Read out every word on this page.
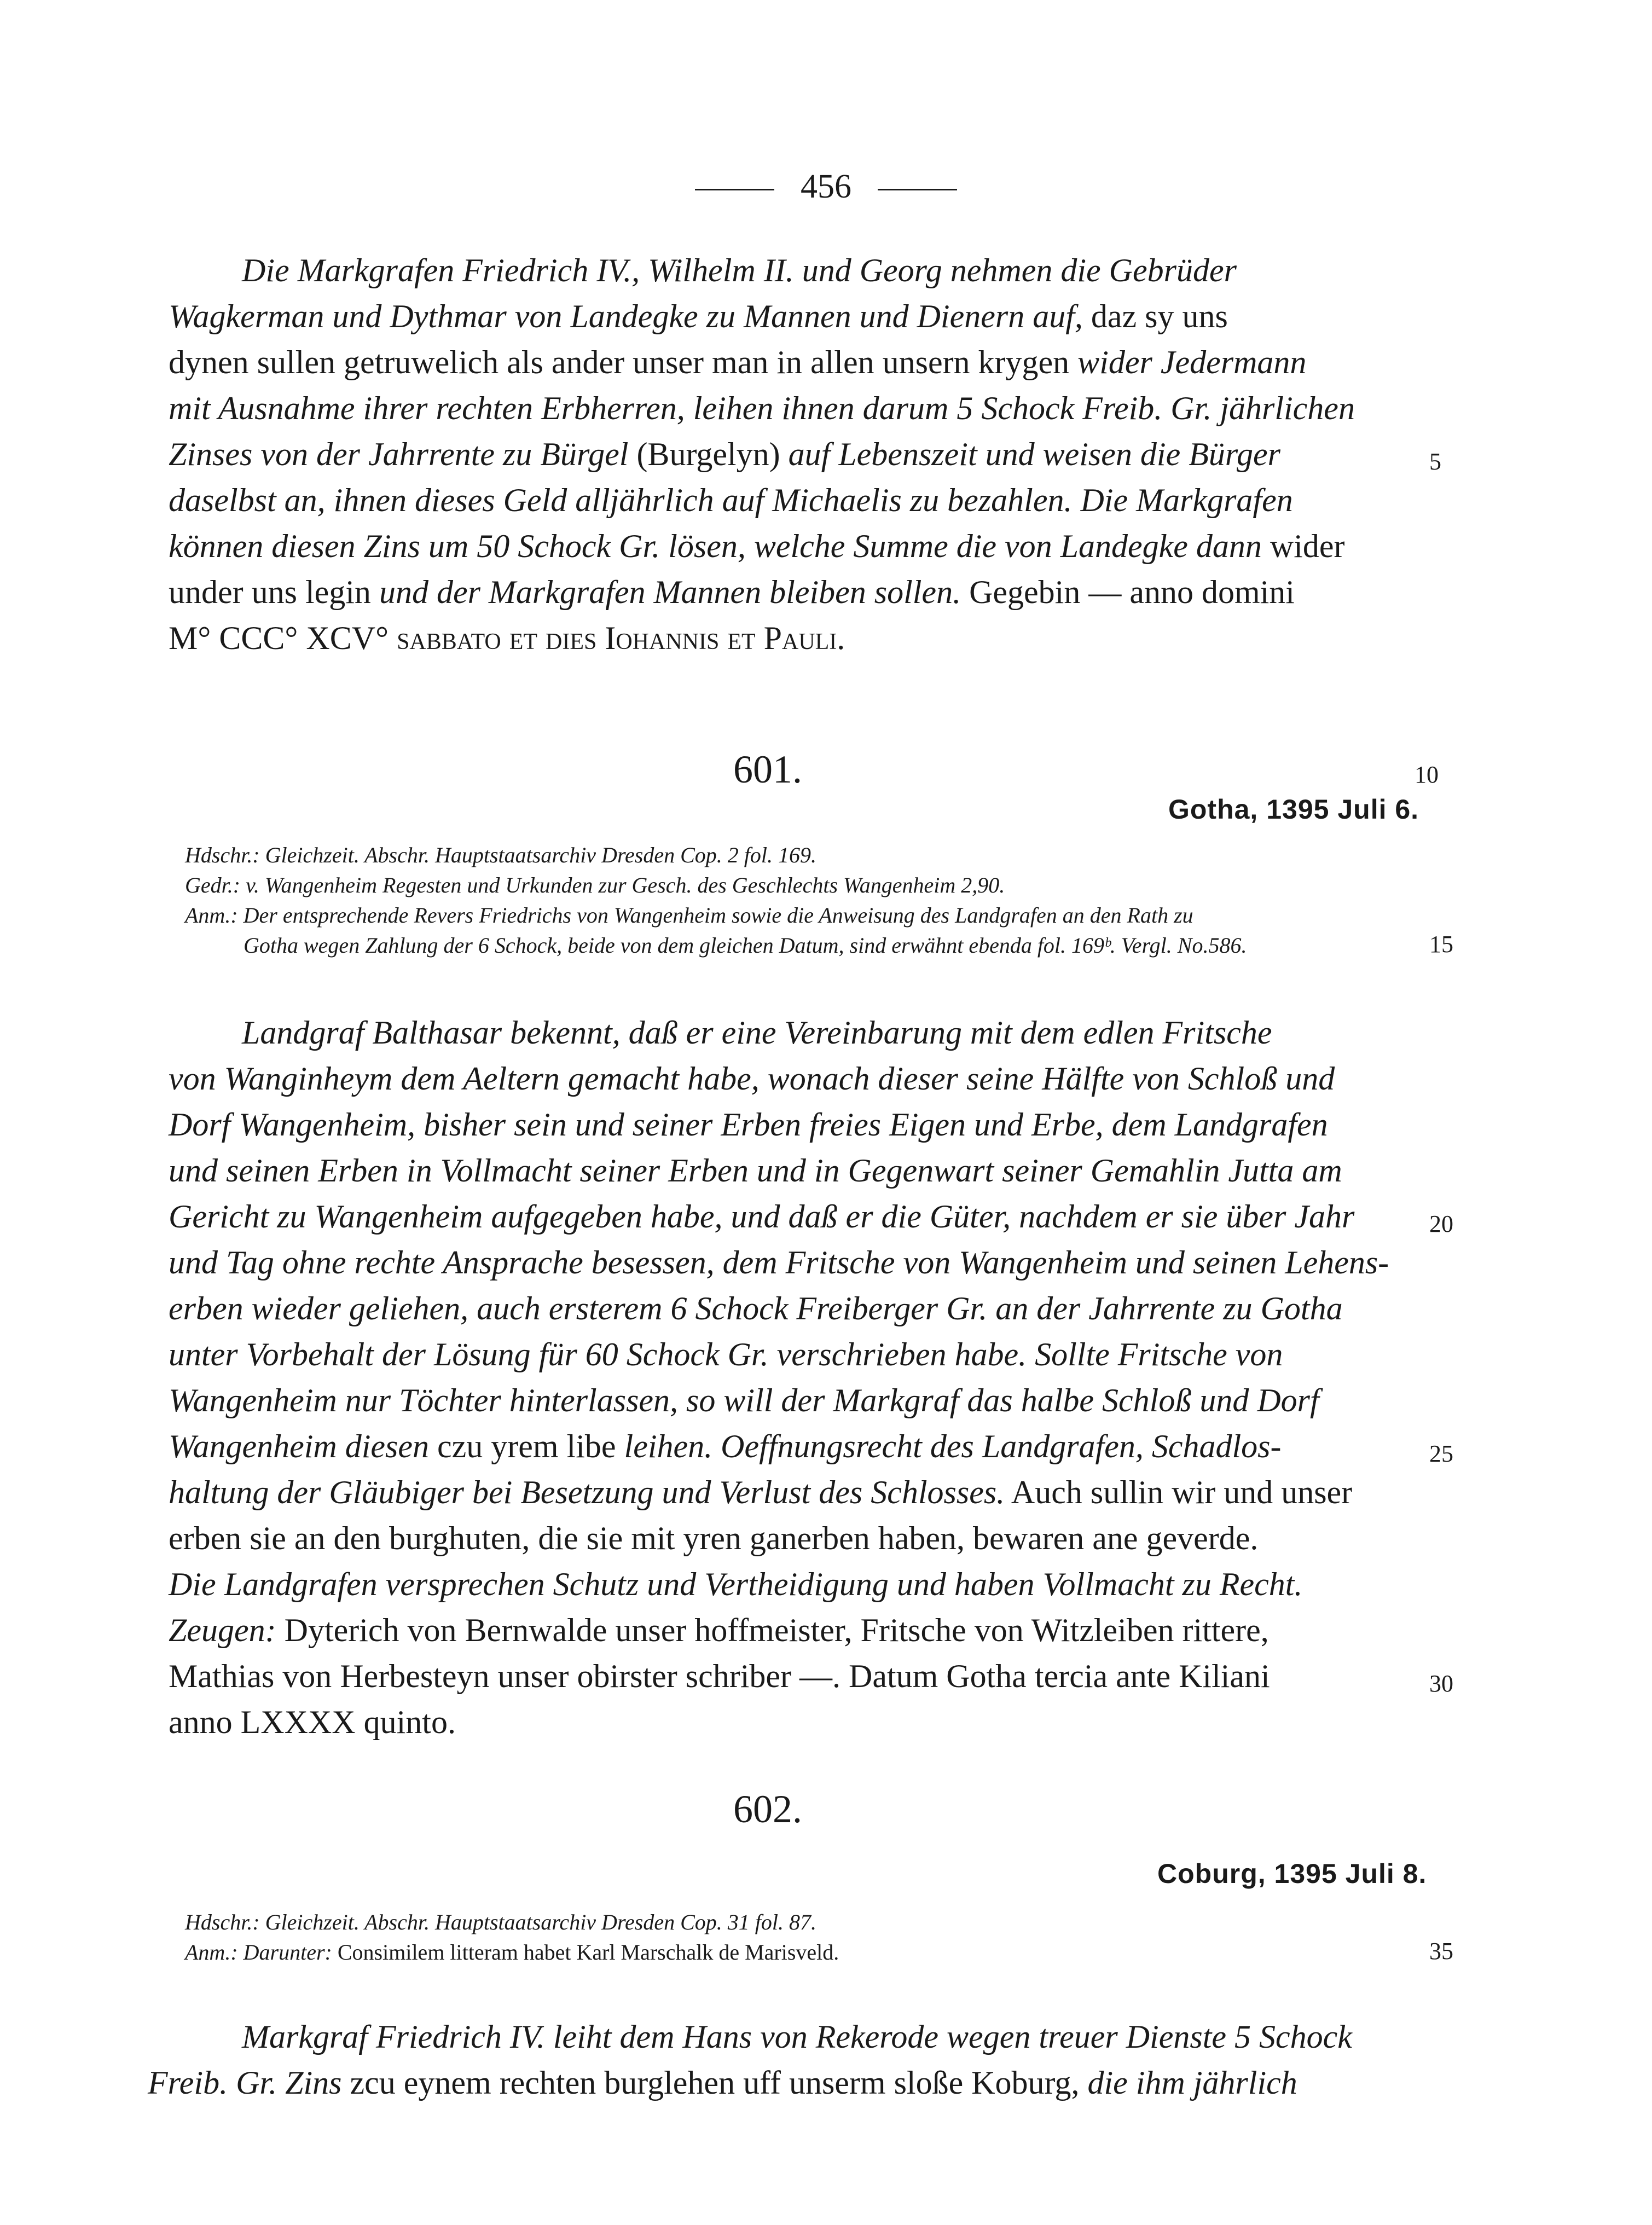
456
Die Markgrafen Friedrich IV., Wilhelm II. und Georg nehmen die Gebrüder
Wagkerman und Dythmar von Landegke zu Mannen und Dienern auf, daz sy uns
dynen sullen getruwelich als ander unser man in allen unsern krygen wider Jedermann
mit Ausnahme ihrer rechten Erbherren, leihen ihnen darum 5 Schock Freib. Gr. jährlichen
Zinses von der Jahrrente zu Bürgel (Burgelyn) auf Lebenszeit und weisen die Bürger	5
daselbst an, ihnen dieses Geld alljährlich auf Michaelis zu bezahlen. Die Markgrafen
können diesen Zins um 50 Schock Gr. lösen, welche Summe die von Landegke dann wider
under uns legin und der Markgrafen Mannen bleiben sollen. Gegebin — anno domini
M° CCC° XCV° sabbato et dies Iohannis et Pauli.
601.	10
Gotha, 1395 Juli 6.
Hdschr.: Gleichzeit. Abschr. Hauptstaatsarchiv Dresden Cop. 2 fol. 169.
Gedr.: v. Wangenheim Regesten und Urkunden zur Gesch. des Geschlechts Wangenheim 2,90.
Anm.: Der entsprechende Revers Friedrichs von Wangenheim sowie die Anweisung des Landgrafen an den Rath zu
Gotha wegen Zahlung der 6 Schock, beide von dem gleichen Datum, sind erwähnt ebenda fol. 169ᵇ. Vergl. No.586.	15
Landgraf Balthasar bekennt, daß er eine Vereinbarung mit dem edlen Fritsche
von Wanginheym dem Aeltern gemacht habe, wonach dieser seine Hälfte von Schloß und
Dorf Wangenheim, bisher sein und seiner Erben freies Eigen und Erbe, dem Landgrafen
und seinen Erben in Vollmacht seiner Erben und in Gegenwart seiner Gemahlin Jutta am
Gericht zu Wangenheim aufgegeben habe, und daß er die Güter, nachdem er sie über Jahr	20
und Tag ohne rechte Ansprache besessen, dem Fritsche von Wangenheim und seinen Lehens-
erben wieder geliehen, auch ersterem 6 Schock Freiberger Gr. an der Jahrrente zu Gotha
unter Vorbehalt der Lösung für 60 Schock Gr. verschrieben habe. Sollte Fritsche von
Wangenheim nur Töchter hinterlassen, so will der Markgraf das halbe Schloß und Dorf
Wangenheim diesen czu yrem libe leihen. Oeffnungsrecht des Landgrafen, Schadlos-	25
haltung der Gläubiger bei Besetzung und Verlust des Schlosses. Auch sullin wir und unser
erben sie an den burghuten, die sie mit yren ganerben haben, bewaren ane geverde.
Die Landgrafen versprechen Schutz und Vertheidigung und haben Vollmacht zu Recht.
Zeugen: Dyterich von Bernwalde unser hoffmeister, Fritsche von Witzleiben rittere,
Mathias von Herbesteyn unser obirster schriber —. Datum Gotha tercia ante Kiliani	30
anno LXXXX quinto.
602.
Coburg, 1395 Juli 8.
Hdschr.: Gleichzeit. Abschr. Hauptstaatsarchiv Dresden Cop. 31 fol. 87.
Anm.: Darunter: Consimilem litteram habet Karl Marschalk de Marisveld.	35
Markgraf Friedrich IV. leiht dem Hans von Rekerode wegen treuer Dienste 5 Schock
Freib. Gr. Zins zcu eynem rechten burglehen uff unserm sloße Koburg, die ihm jährlich
